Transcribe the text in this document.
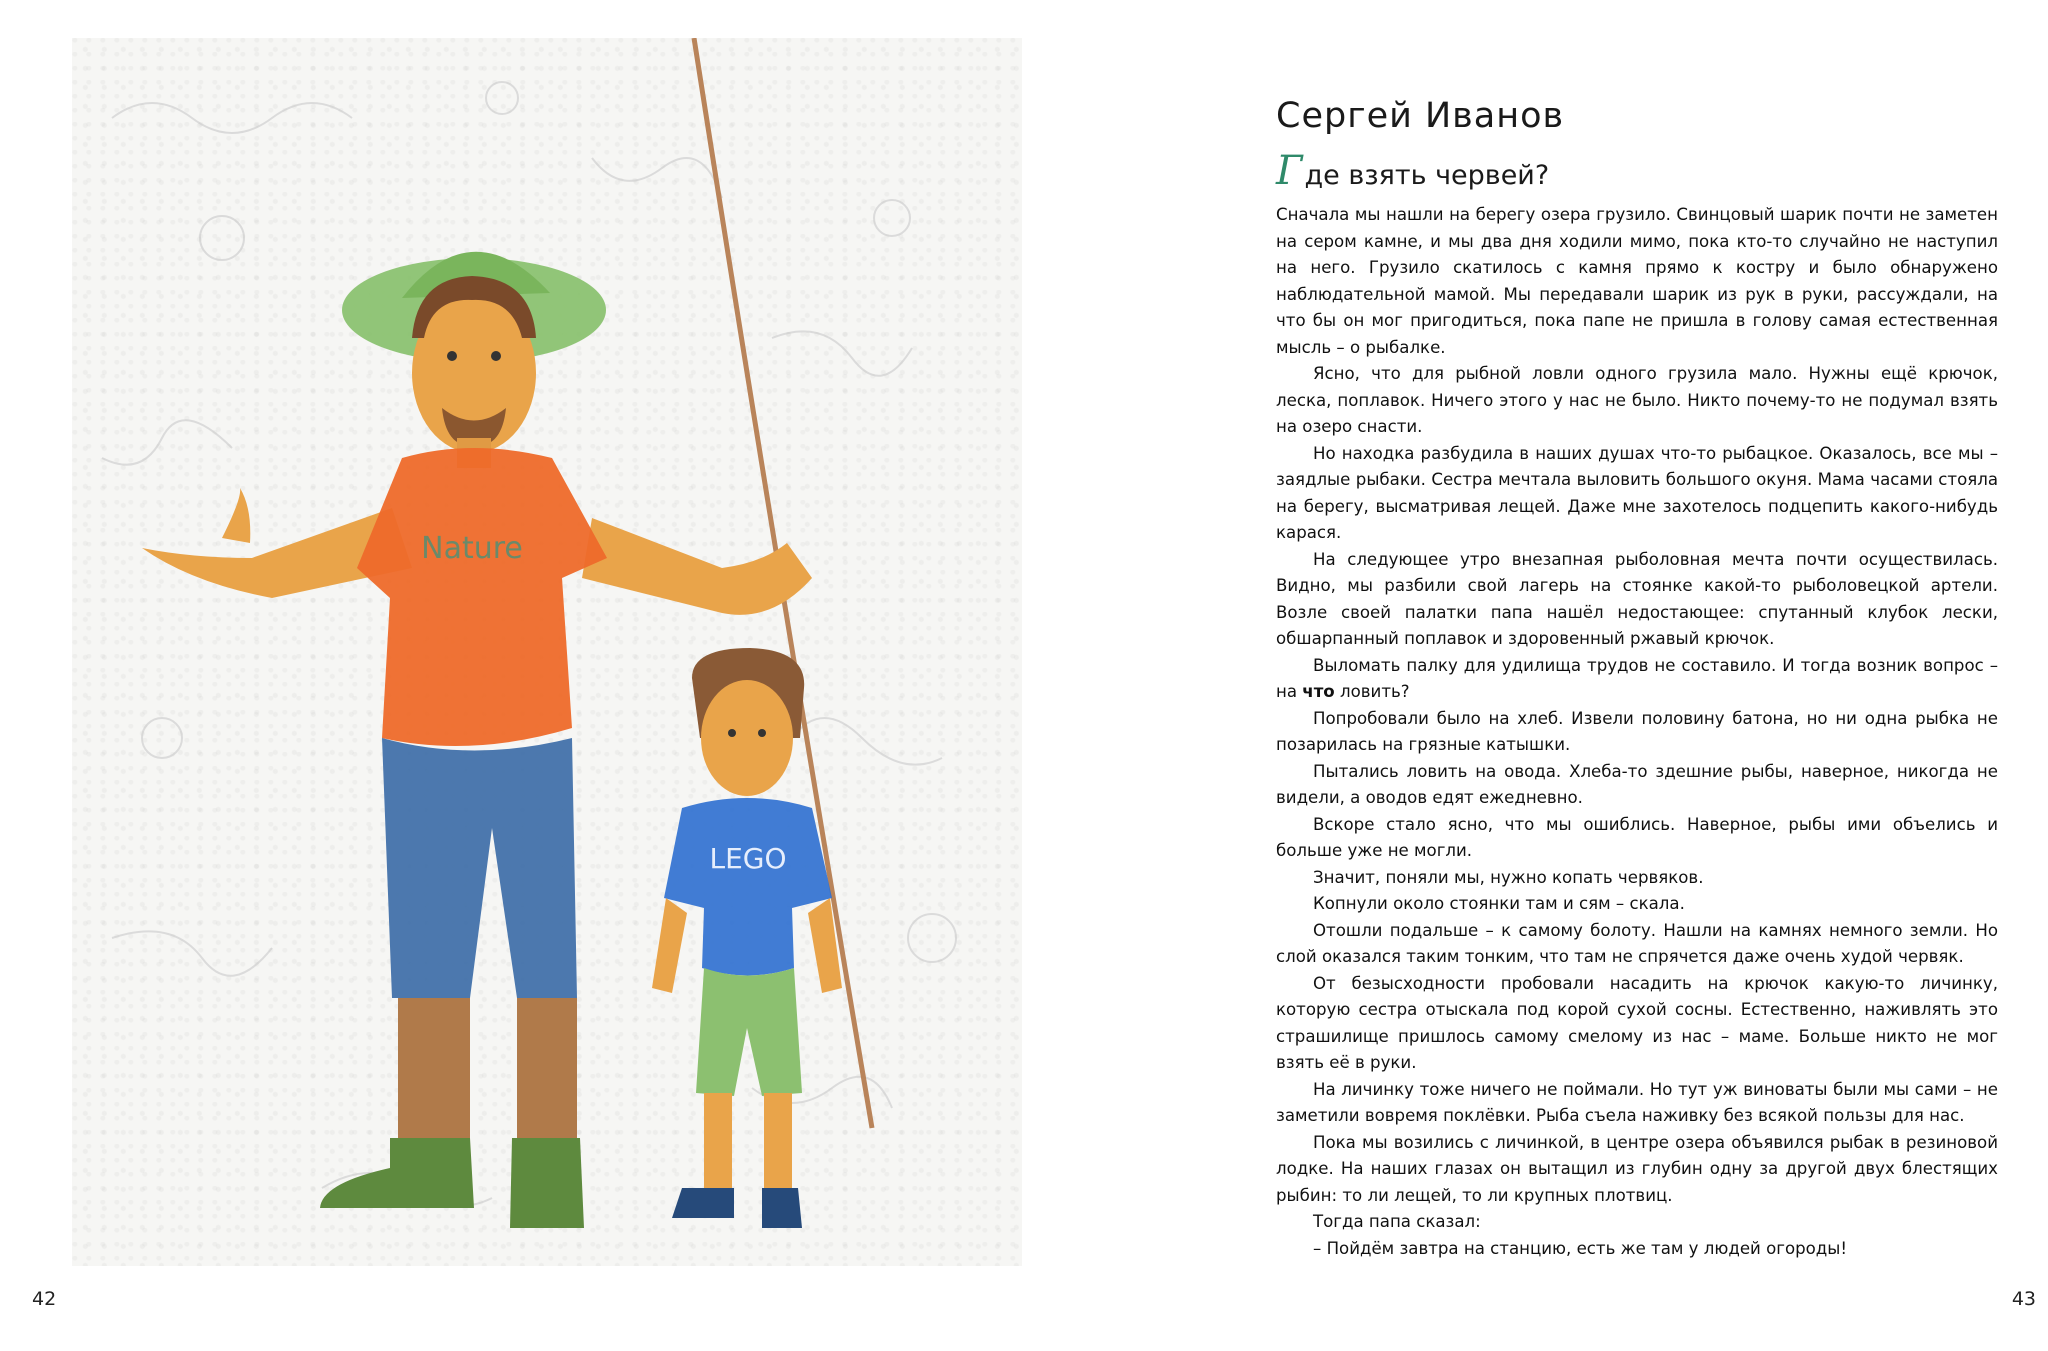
Nature
LEGO
42
Сергей Иванов
Г де взять червей?

Сначала мы нашли на берегу озера грузило. Свинцовый шарик почти не заметен на сером камне, и мы два дня ходили мимо, пока кто-то случайно не наступил на него. Грузило скатилось с камня прямо к костру и было обнаружено наблюдательной мамой. Мы передавали шарик из рук в руки, рассуждали, на что бы он мог пригодиться, пока папе не пришла в голову самая естественная мысль – о рыбалке.

Ясно, что для рыбной ловли одного грузила мало. Нужны ещё крючок, леска, поплавок. Ничего этого у нас не было. Никто почему-то не подумал взять на озеро снасти.

Но находка разбудила в наших душах что-то рыбацкое. Оказалось, все мы – заядлые рыбаки. Сестра мечтала выловить большого окуня. Мама часами стояла на берегу, высматривая лещей. Даже мне захотелось подцепить какого-нибудь карася.

На следующее утро внезапная рыболовная мечта почти осуществилась. Видно, мы разбили свой лагерь на стоянке какой-то рыболовецкой артели. Возле своей палатки папа нашёл недостающее: спутанный клубок лески, обшарпанный поплавок и здоровенный ржавый крючок.

Выломать палку для удилища трудов не составило. И тогда возник вопрос – на что ловить?

Попробовали было на хлеб. Извели половину батона, но ни одна рыбка не позарилась на грязные катышки.

Пытались ловить на овода. Хлеба-то здешние рыбы, наверное, никогда не видели, а оводов едят ежедневно.

Вскоре стало ясно, что мы ошиблись. Наверное, рыбы ими объелись и больше уже не могли.

Значит, поняли мы, нужно копать червяков.

Копнули около стоянки там и сям – скала.

Отошли подальше – к самому болоту. Нашли на камнях немного земли. Но слой оказался таким тонким, что там не спрячется даже очень худой червяк.

От безысходности пробовали насадить на крючок какую-то личинку, которую сестра отыскала под корой сухой сосны. Естественно, наживлять это страшилище пришлось самому смелому из нас – маме. Больше никто не мог взять её в руки.

На личинку тоже ничего не поймали. Но тут уж виноваты были мы сами – не заметили вовремя поклёвки. Рыба съела наживку без всякой пользы для нас.

Пока мы возились с личинкой, в центре озера объявился рыбак в резиновой лодке. На наших глазах он вытащил из глубин одну за другой двух блестящих рыбин: то ли лещей, то ли крупных плотвиц.

Тогда папа сказал:

– Пойдём завтра на станцию, есть же там у людей огороды!

43
